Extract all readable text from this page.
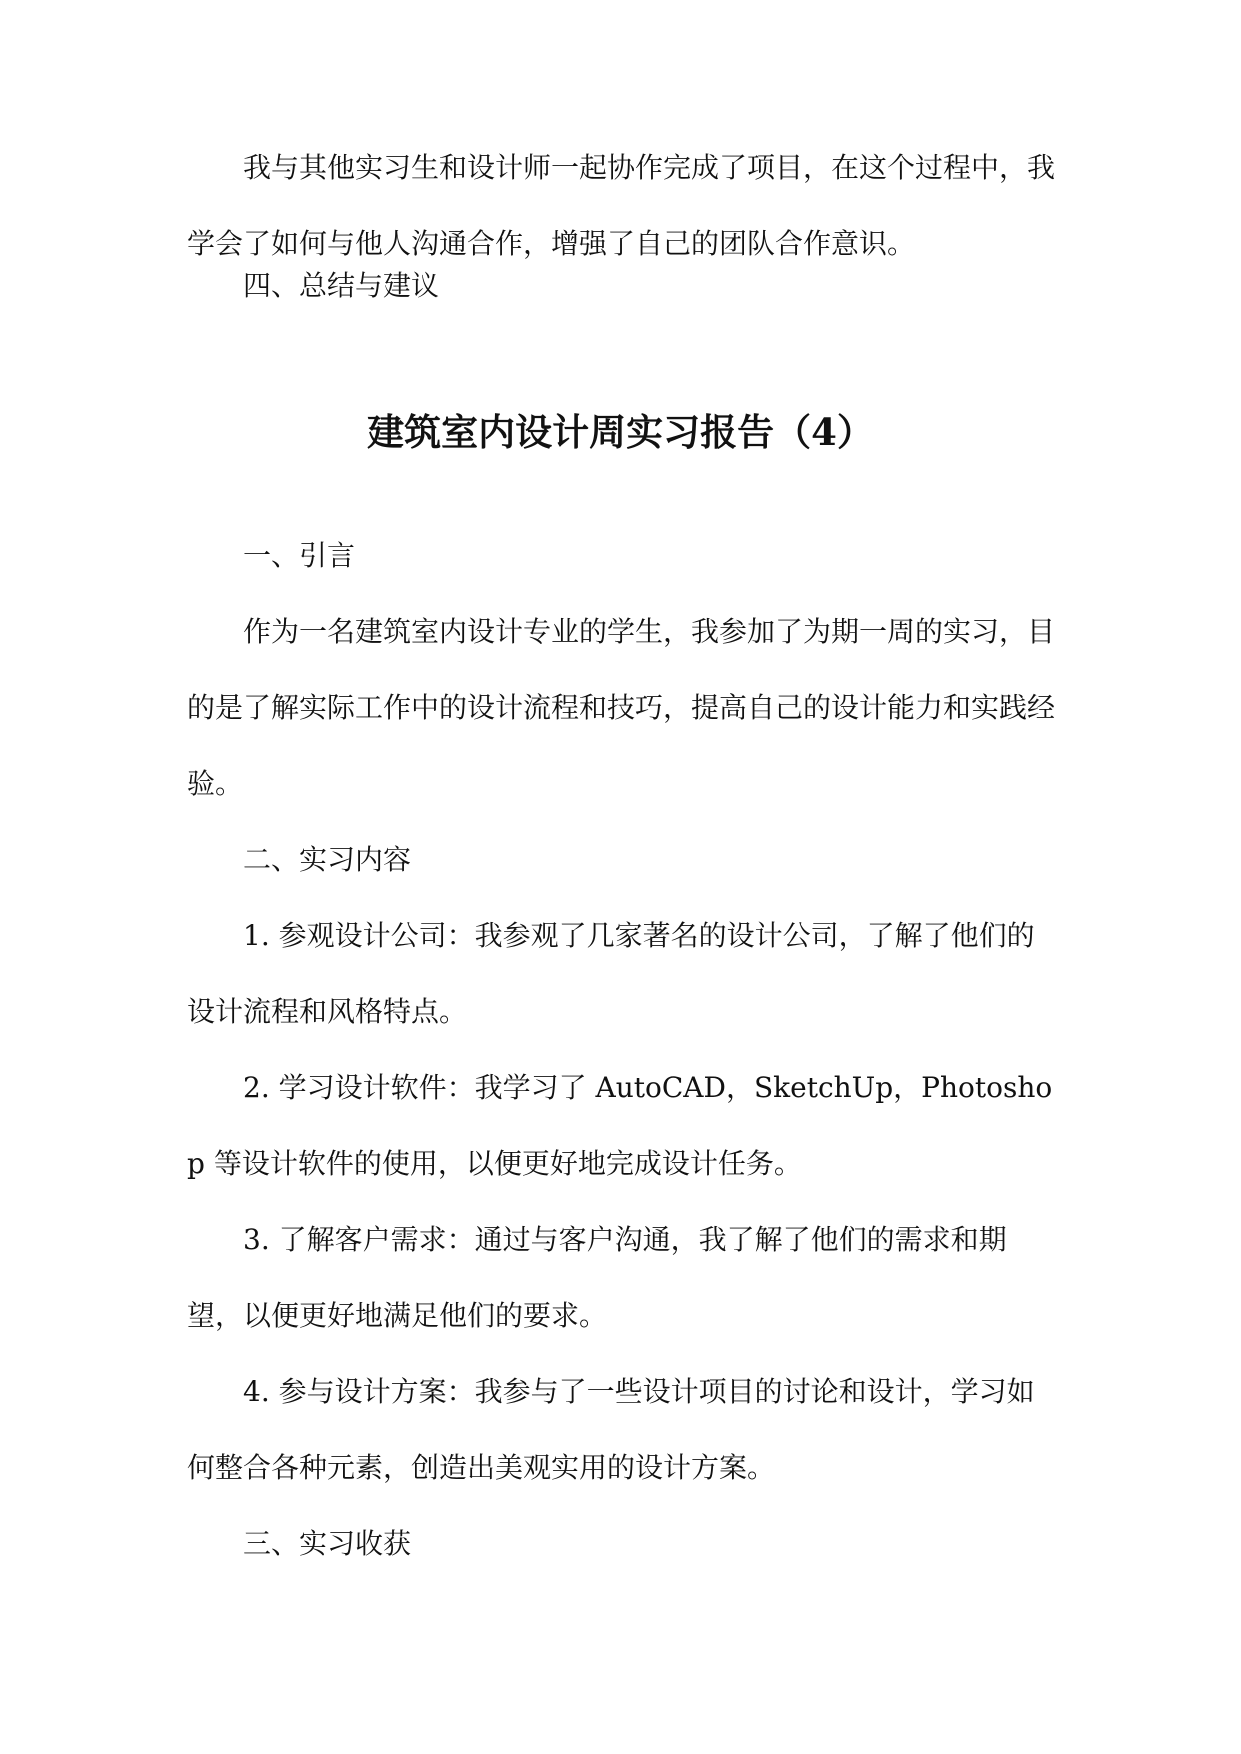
我与其他实习生和设计师一起协作完成了项目，在这个过程中，我学会了如何与他人沟通合作，增强了自己的团队合作意识。

四、总结与建议

建筑室内设计周实习报告（4）

一、引言

作为一名建筑室内设计专业的学生，我参加了为期一周的实习，目的是了解实际工作中的设计流程和技巧，提高自己的设计能力和实践经验。

二、实习内容

1. 参观设计公司：我参观了几家著名的设计公司，了解了他们的设计流程和风格特点。

2. 学习设计软件：我学习了 AutoCAD，SketchUp，Photoshop 等设计软件的使用，以便更好地完成设计任务。

3. 了解客户需求：通过与客户沟通，我了解了他们的需求和期望，以便更好地满足他们的要求。

4. 参与设计方案：我参与了一些设计项目的讨论和设计，学习如何整合各种元素，创造出美观实用的设计方案。

三、实习收获
